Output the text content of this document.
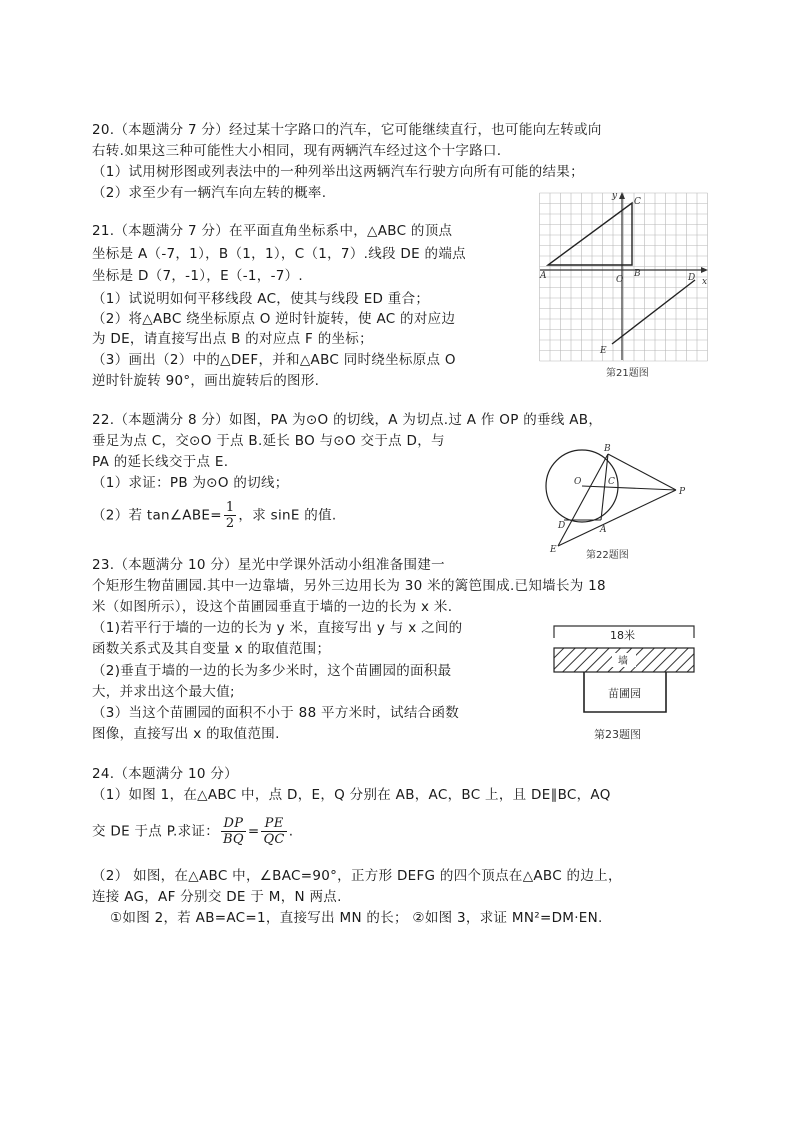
20.（本题满分 7 分）经过某十字路口的汽车，它可能继续直行，也可能向左转或向
右转.如果这三种可能性大小相同，现有两辆汽车经过这个十字路口.
（1）试用树形图或列表法中的一种列举出这两辆汽车行驶方向所有可能的结果；
（2）求至少有一辆汽车向左转的概率.
21.（本题满分 7 分）在平面直角坐标系中，△ABC 的顶点
坐标是 A（-7，1），B（1，1），C（1，7）.线段 DE 的端点
坐标是 D（7，-1），E（-1，-7）.
（1）试说明如何平移线段 AC，使其与线段 ED 重合；
（2）将△ABC 绕坐标原点 O 逆时针旋转，使 AC 的对应边
为 DE，请直接写出点 B 的对应点 F 的坐标；
（3）画出（2）中的△DEF，并和△ABC 同时绕坐标原点 O
逆时针旋转 90°，画出旋转后的图形.
x
y
A	B
C
D
E
O
第21题图
22.（本题满分 8 分）如图，PA 为⊙O 的切线，A 为切点.过 A 作 OP 的垂线 AB，
垂足为点 C，交⊙O 于点 B.延长 BO 与⊙O 交于点 D，与
PA 的延长线交于点 E.
（1）求证：PB 为⊙O 的切线；
（2）若 tan∠ABE= $\frac{1}{2}$ ，求 sinE 的值.
B
O	C
P
D	A
E	第22题图
23.（本题满分 10 分）星光中学课外活动小组准备围建一
个矩形生物苗圃园.其中一边靠墙，另外三边用长为 30 米的篱笆围成.已知墙长为 18
米（如图所示），设这个苗圃园垂直于墙的一边的长为 x 米.
（1)若平行于墙的一边的长为 y 米，直接写出 y 与 x 之间的
函数关系式及其自变量 x 的取值范围；
（2)垂直于墙的一边的长为多少米时，这个苗圃园的面积最
大，并求出这个最大值;
（3）当这个苗圃园的面积不小于 88 平方米时，试结合函数
图像，直接写出 x 的取值范围.
18米
墙
苗圃园
第23题图
24.（本题满分 10 分）
（1）如图 1，在△ABC 中，点 D，E，Q 分别在 AB，AC，BC 上，且 DE∥BC，AQ
交 DE 于点 P.求证： $\frac{DP}{BQ} = \frac{PE}{QC}$ .
（2） 如图，在△ABC 中，∠BAC=90°，正方形 DEFG 的四个顶点在△ABC 的边上，
连接 AG，AF 分别交 DE 于 M，N 两点.
①如图 2，若 AB=AC=1，直接写出 MN 的长； ②如图 3，求证 MN²=DM·EN.
